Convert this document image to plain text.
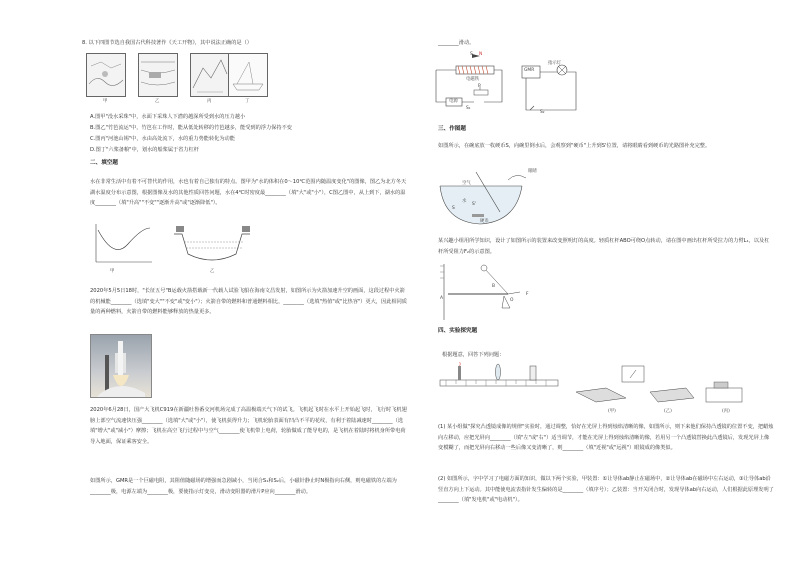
8. 以下四图节选自我国古代科技著作《天工开物》，其中说法正确的是（）
甲	乙	丙	丁
A.图甲"没水采珠"中，水面下采珠人下潜的越深所受到水的压力越小
B.图乙"竹笆流运"中，竹笆在工作时，能从低处转移的竹笆越多，能受到的浮力保持不变
C.图丙"河池山锡"中，水由高处流下，水的重力势能转化为动能
D.图丁"六桨备粮"中，划水的船桨属于省力杠杆
二、填空题
水在非常生活中有着不可替代的作用，水也有着自己独有的特点。图甲为"水的体积在0～10℃范围内随温度变化"的图像，图乙为北方冬天湖水温度分布示意图，根据图像及水的其他性质回答问题，水在4℃时密度最________（填"大"或"小"），C图乙图中，从上到下，湖水的温度________（填"升高""不变""逐渐升高"或"逐渐降低"）。
甲	乙
2020年5月5日18时，"长征五号"B运载火箭搭载新一代载人试验飞船在海南文昌发射，如图所示为火箭加速升空的画面，这段过程中火箭的机械能________（选填"变大""不变"或"变小"）；火箭自带的燃料和普通燃料相比，________（选填"热值"或"比热容"）更大，因此相同质量的两种燃料，火箭自带的燃料能够释放的热量更多。
2020年6月28日，国产大飞机C919在新疆吐鲁番交河机场完成了高温极端天气下的试飞。飞机起飞时在水平上开始起飞时，飞行时飞机翅膀上部空气流速快压强________（选填"大"或"小"），使飞机获得升力；飞机轮胎表面有凹凸不平的花纹，有利于着陆减速时________（选填"增大"或"减小"）摩擦；飞机在高空飞行过程中与空气________使飞机带上电荷，轮胎做成了能导电的，是飞机在着陆时将机身所带电荷导入地面，保证乘客安全。
如图所示，GMR是一个巨磁电阻，其阻值随磁场的增强而急剧减小，当闭合S₁和S₂后，小磁针静止时N极指向右侧，则电磁铁的左端为________极，电源左端为________极，要使指示灯变亮，滑动变阻器的滑片P应向________滑动。
________滑动。
N
S
电磁铁
GMR
指示灯
电源
P
S₁
S₂
三、作图题
如图所示，在碗底放一枚硬币S，向碗里倒水后，会观察到"硬币"上升到S'位置，请将眼睛看到硬币的光路图补充完整。
眼睛
空气
水
硬币
S
S'
某兴趣小组用所学知识，设计了如图所示的装置来改变照明灯的高度。轻质杠杆ABO可绕O点转动，请在图中画出杠杆所受拉力的力臂L₁，以及杠杆所受阻力F₂的示意图。
A
B
O
F
四、实验探究题
根据题意，回答下列问题：
(甲)	(乙)	(丙)
(1) 某小组做"探究凸透镜成像的规律"实验时，通过调整，恰好在光屏上得到烛焰清晰的像，如图所示，则下来他们保持凸透镜的位置不变，把蜡烛向左移动，应把光屏向________（填"左"或"右"）适当调节，才能在光屏上得到烛焰清晰的像，若用另一个凸透镜替换此凸透镜后，发现光屏上像变模糊了，而把光屏向右移动一些后像又变清晰了，则________（填"近视"或"远视"）眼镜成的像类似。
(2) 如图所示，字中学习了电磁方面的知识，做以下两个实验，甲装置：①让导体ab静止在磁场中，②让导体ab在磁场中左右运动，③让导体ab沿竖直方向上下运动。其中能使电流表指针发生偏转的是________（填序号）；乙装置：当开关闭合时，发现导体ab向右运动，人们根据此原理发明了________（填"发电机"或"电动机"）。
